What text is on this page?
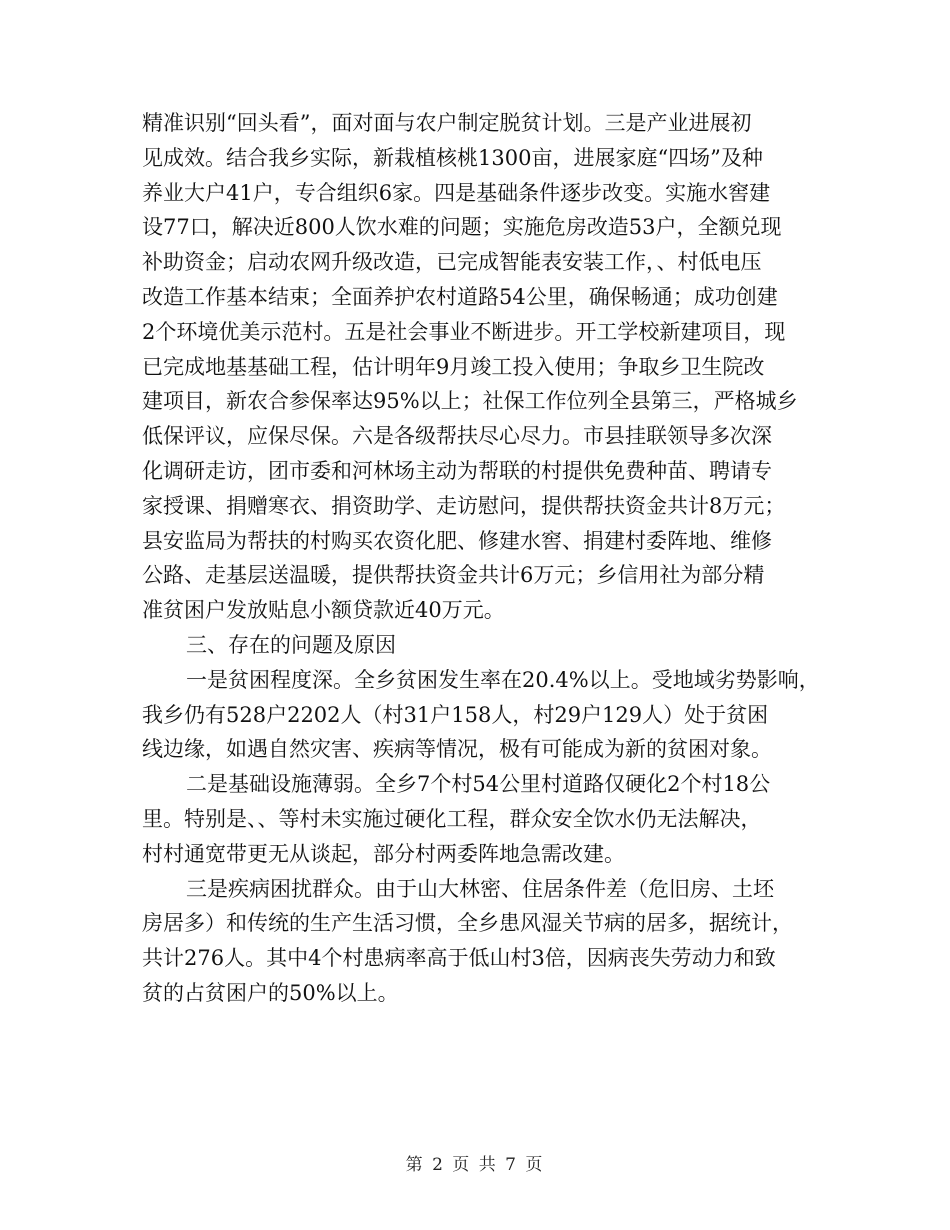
精准识别“回头看”，面对面与农户制定脱贫计划。三是产业进展初
见成效。结合我乡实际，新栽植核桃1300亩，进展家庭“四场”及种
养业大户41户，专合组织6家。四是基础条件逐步改变。实施水窖建
设77口，解决近800人饮水难的问题；实施危房改造53户，全额兑现
补助资金；启动农网升级改造，已完成智能表安装工作，、村低电压
改造工作基本结束；全面养护农村道路54公里，确保畅通；成功创建
2个环境优美示范村。五是社会事业不断进步。开工学校新建项目，现
已完成地基基础工程，估计明年9月竣工投入使用；争取乡卫生院改
建项目，新农合参保率达95%以上；社保工作位列全县第三，严格城乡
低保评议，应保尽保。六是各级帮扶尽心尽力。市县挂联领导多次深
化调研走访，团市委和河林场主动为帮联的村提供免费种苗、聘请专
家授课、捐赠寒衣、捐资助学、走访慰问，提供帮扶资金共计8万元；
县安监局为帮扶的村购买农资化肥、修建水窖、捐建村委阵地、维修
公路、走基层送温暖，提供帮扶资金共计6万元；乡信用社为部分精
准贫困户发放贴息小额贷款近40万元。
三、存在的问题及原因
一是贫困程度深。全乡贫困发生率在20.4%以上。受地域劣势影响，
我乡仍有528户2202人（村31户158人，村29户129人）处于贫困
线边缘，如遇自然灾害、疾病等情况，极有可能成为新的贫困对象。
二是基础设施薄弱。全乡7个村54公里村道路仅硬化2个村18公
里。特别是、、等村未实施过硬化工程，群众安全饮水仍无法解决，
村村通宽带更无从谈起，部分村两委阵地急需改建。
三是疾病困扰群众。由于山大林密、住居条件差（危旧房、土坯
房居多）和传统的生产生活习惯，全乡患风湿关节病的居多，据统计，
共计276人。其中4个村患病率高于低山村3倍，因病丧失劳动力和致
贫的占贫困户的50%以上。
第 2 页 共 7 页
